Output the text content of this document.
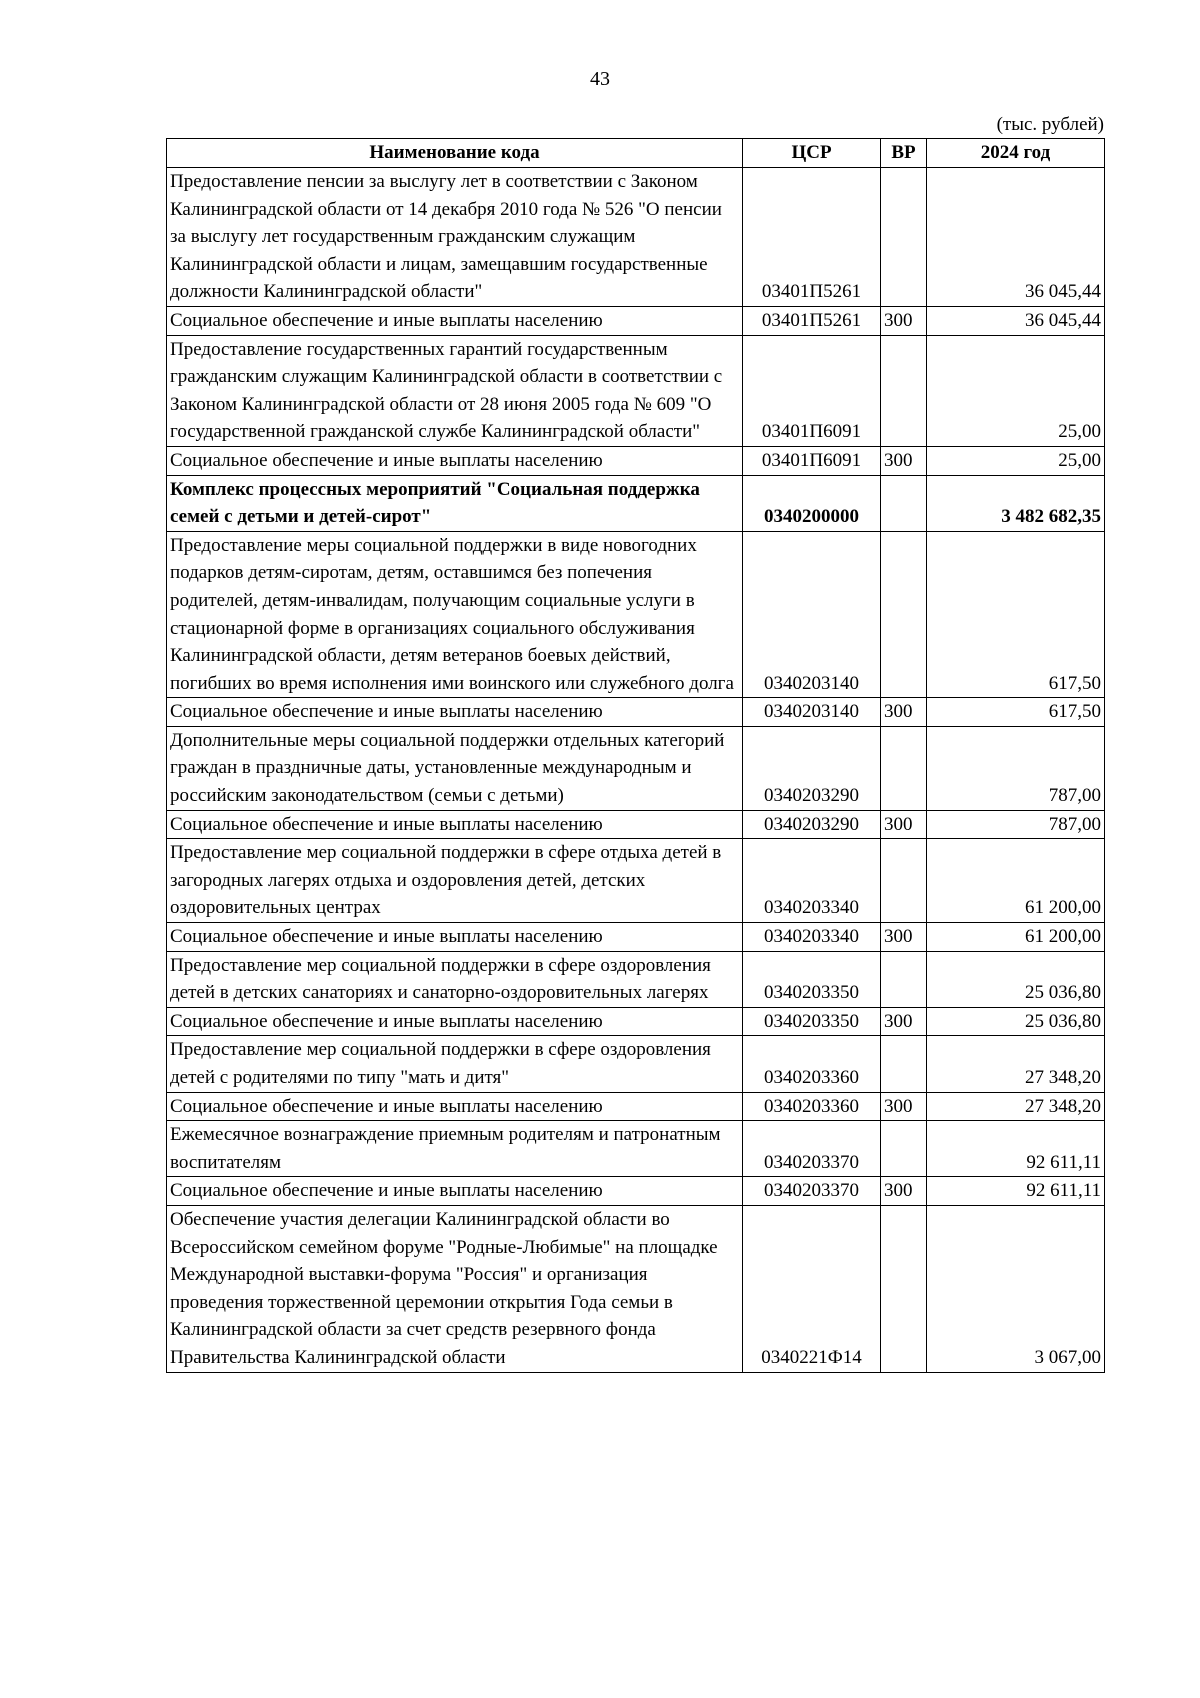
43
(тыс. рублей)
Наименование кода	ЦСР	ВР	2024 год
Предоставление пенсии за выслугу лет в соответствии с Законом Калининградской области от 14 декабря 2010 года № 526 "О пенсии за выслугу лет государственным гражданским служащим Калининградской области и лицам, замещавшим государственные должности Калининградской области"	03401П5261		36 045,44
Социальное обеспечение и иные выплаты населению	03401П5261	300	36 045,44
Предоставление государственных гарантий государственным гражданским служащим Калининградской области в соответствии с Законом Калининградской области от 28 июня 2005 года № 609 "О государственной гражданской службе Калининградской области"	03401П6091		25,00
Социальное обеспечение и иные выплаты населению	03401П6091	300	25,00
Комплекс процессных мероприятий "Социальная поддержка семей с детьми и детей-сирот"	0340200000		3 482 682,35
Предоставление меры социальной поддержки в виде новогодних подарков детям-сиротам, детям, оставшимся без попечения родителей, детям-инвалидам, получающим социальные услуги в стационарной форме в организациях социального обслуживания Калининградской области, детям ветеранов боевых действий, погибших во время исполнения ими воинского или служебного долга	0340203140		617,50
Социальное обеспечение и иные выплаты населению	0340203140	300	617,50
Дополнительные меры социальной поддержки отдельных категорий граждан в праздничные даты, установленные международным и российским законодательством (семьи с детьми)	0340203290		787,00
Социальное обеспечение и иные выплаты населению	0340203290	300	787,00
Предоставление мер социальной поддержки в сфере отдыха детей в загородных лагерях отдыха и оздоровления детей, детских оздоровительных центрах	0340203340		61 200,00
Социальное обеспечение и иные выплаты населению	0340203340	300	61 200,00
Предоставление мер социальной поддержки в сфере оздоровления детей в детских санаториях и санаторно-оздоровительных лагерях	0340203350		25 036,80
Социальное обеспечение и иные выплаты населению	0340203350	300	25 036,80
Предоставление мер социальной поддержки в сфере оздоровления детей с родителями по типу "мать и дитя"	0340203360		27 348,20
Социальное обеспечение и иные выплаты населению	0340203360	300	27 348,20
Ежемесячное вознаграждение приемным родителям и патронатным воспитателям	0340203370		92 611,11
Социальное обеспечение и иные выплаты населению	0340203370	300	92 611,11
Обеспечение участия делегации Калининградской области во Всероссийском семейном форуме "Родные-Любимые" на площадке Международной выставки-форума "Россия" и организация проведения торжественной церемонии открытия Года семьи в Калининградской области за счет средств резервного фонда Правительства Калининградской области	0340221Ф14		3 067,00
